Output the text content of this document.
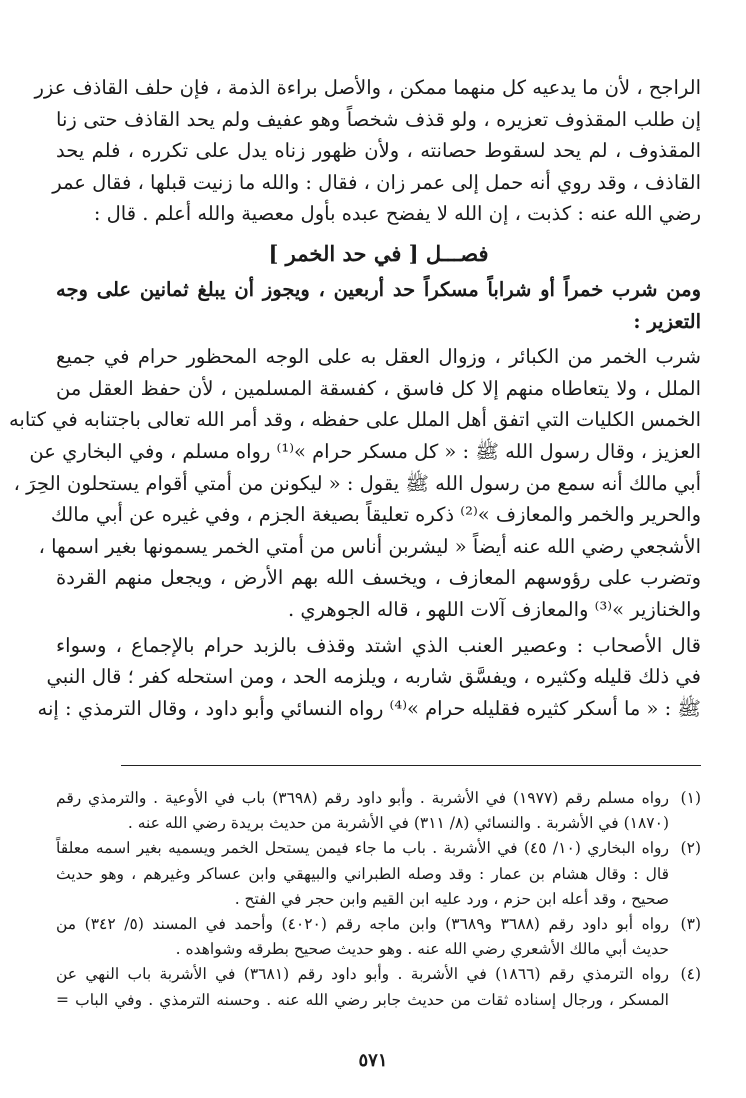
الراجح ، لأن ما يدعيه كل منهما ممكن ، والأصل براءة الذمة ، فإن حلف القاذف عزر
إن طلب المقذوف تعزيره ، ولو قذف شخصاً وهو عفيف ولم يحد القاذف حتى زنا
المقذوف ، لم يحد لسقوط حصانته ، ولأن ظهور زناه يدل على تكرره ، فلم يحد
القاذف ، وقد روي أنه حمل إلى عمر زان ، فقال : والله ما زنيت قبلها ، فقال عمر
رضي الله عنه : كذبت ، إن الله لا يفضح عبده بأول معصية والله أعلم . قال :
فصـــل [ في حد الخمر ]
ومن شرب خمراً أو شراباً مسكراً حد أربعين ، ويجوز أن يبلغ ثمانين على وجه
التعزير :
شرب الخمر من الكبائر ، وزوال العقل به على الوجه المحظور حرام في جميع
الملل ، ولا يتعاطاه منهم إلا كل فاسق ، كفسقة المسلمين ، لأن حفظ العقل من
الخمس الكليات التي اتفق أهل الملل على حفظه ، وقد أمر الله تعالى باجتنابه في كتابه
العزيز ، وقال رسول الله ﷺ : « كل مسكر حرام »⁽¹⁾ رواه مسلم ، وفي البخاري عن
أبي مالك أنه سمع من رسول الله ﷺ يقول : « ليكونن من أمتي أقوام يستحلون الحِرَ ،
والحرير والخمر والمعازف »⁽²⁾ ذكره تعليقاً بصيغة الجزم ، وفي غيره عن أبي مالك
الأشجعي رضي الله عنه أيضاً « ليشربن أناس من أمتي الخمر يسمونها بغير اسمها ،
وتضرب على رؤوسهم المعازف ، ويخسف الله بهم الأرض ، ويجعل منهم القردة
والخنازير »⁽³⁾ والمعازف آلات اللهو ، قاله الجوهري .
قال الأصحاب : وعصير العنب الذي اشتد وقذف بالزبد حرام بالإجماع ، وسواء
في ذلك قليله وكثيره ، ويفسَّق شاربه ، ويلزمه الحد ، ومن استحله كفر ؛ قال النبي
ﷺ : « ما أسكر كثيره فقليله حرام »⁽⁴⁾ رواه النسائي وأبو داود ، وقال الترمذي : إنه
(١)
رواه مسلم رقم (١٩٧٧) في الأشربة . وأبو داود رقم (٣٦٩٨) باب في الأوعية . والترمذي رقم
(١٨٧٠) في الأشربة . والنسائي (٨/ ٣١١) في الأشربة من حديث بريدة رضي الله عنه .
(٢)
رواه البخاري (١٠/ ٤٥) في الأشربة . باب ما جاء فيمن يستحل الخمر ويسميه بغير اسمه معلقاً
قال : وقال هشام بن عمار : وقد وصله الطبراني والبيهقي وابن عساكر وغيرهم ، وهو حديث
صحيح ، وقد أعله ابن حزم ، ورد عليه ابن القيم وابن حجر في الفتح .
(٣)
رواه أبو داود رقم (٣٦٨٨ و٣٦٨٩) وابن ماجه رقم (٤٠٢٠) وأحمد في المسند (٥/ ٣٤٢) من
حديث أبي مالك الأشعري رضي الله عنه . وهو حديث صحيح بطرقه وشواهده .
(٤)
رواه الترمذي رقم (١٨٦٦) في الأشربة . وأبو داود رقم (٣٦٨١) في الأشربة باب النهي عن
المسكر ، ورجال إسناده ثقات من حديث جابر رضي الله عنه . وحسنه الترمذي . وفي الباب =
٥٧١
